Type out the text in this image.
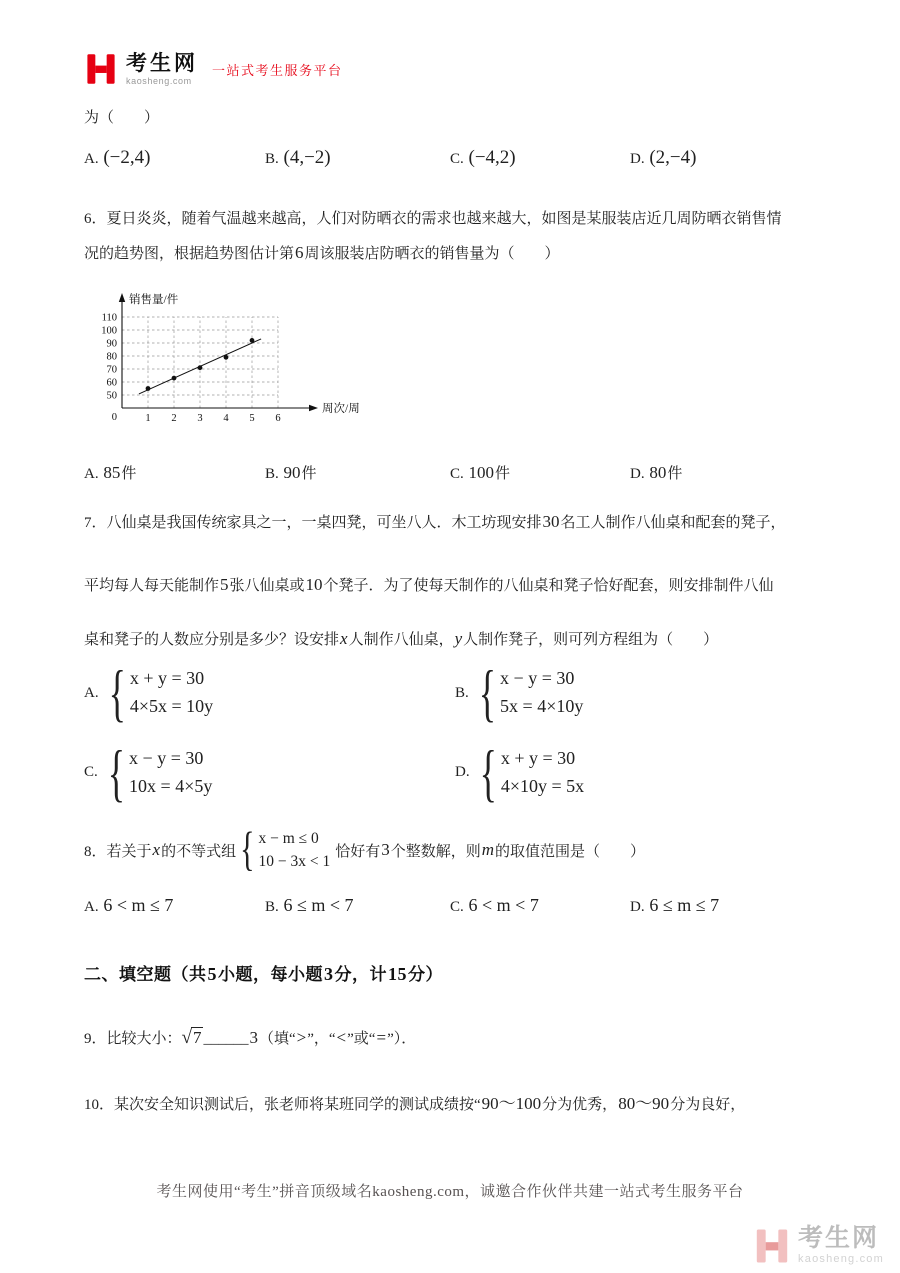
考生网
kaosheng.com
一站式考生服务平台
为（　　）
A. (−2,4)	B. (4,−2)	C. (−4,2)	D. (2,−4)
6．夏日炎炎，随着气温越来越高，人们对防晒衣的需求也越来越大，如图是某服装店近几周防晒衣销售情
况的趋势图，根据趋势图估计第6周该服装店防晒衣的销售量为（　　）
50
60
70
80
90
100
110
1 2 3 4 5 6
0
销售量/件
周次/周
A. 85件	B. 90件	C. 100件	D. 80件
7．八仙桌是我国传统家具之一，一桌四凳，可坐八人．木工坊现安排30名工人制作八仙桌和配套的凳子，
平均每人每天能制作5张八仙桌或10个凳子．为了使每天制作的八仙桌和凳子恰好配套，则安排制件八仙
桌和凳子的人数应分别是多少？设安排x人制作八仙桌，y人制作凳子，则可列方程组为（　　）
A. { x + y = 30
4×5x = 10y
B. { x − y = 30
5x = 4×10y
C. { x − y = 30
10x = 4×5y
D. { x + y = 30
4×10y = 5x
8．若关于 x 的不等式组 { x − m ≤ 0
10 − 3x < 1
恰好有 3 个整数解，则 m 的取值范围是（　　）
A. 6 < m ≤ 7	B. 6 ≤ m < 7	C. 6 < m < 7	D. 6 ≤ m ≤ 7
二、填空题（共5小题，每小题3分，计15分）
9．比较大小：√7 ______3（填“>”，“<”或“=”）．
10．某次安全知识测试后，张老师将某班同学的测试成绩按“90～100分为优秀，80～90分为良好，
考生网使用“考生”拼音顶级域名kaosheng.com，诚邀合作伙伴共建一站式考生服务平台
考生网
kaosheng.com
